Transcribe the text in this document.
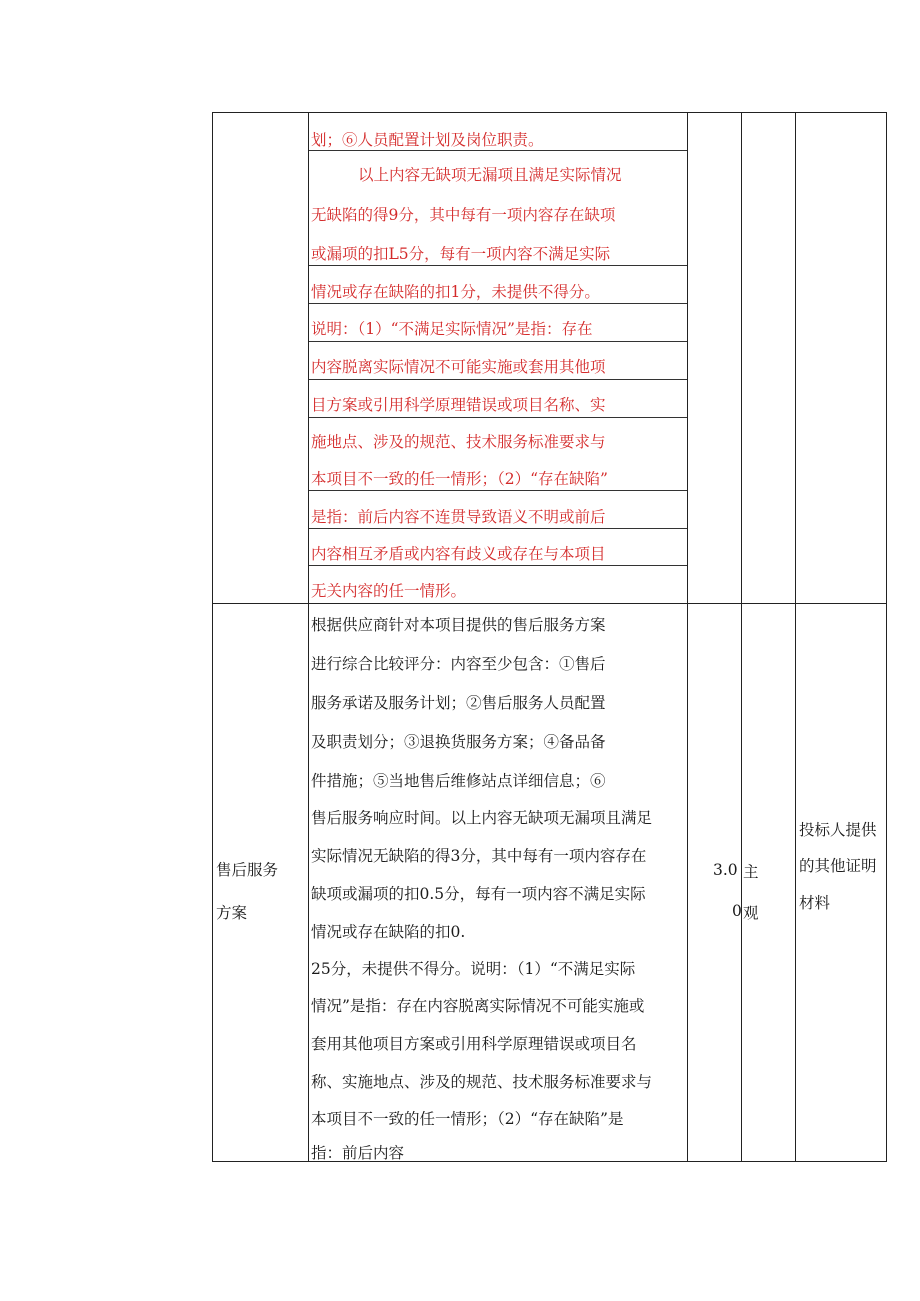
划；⑥人员配置计划及岗位职责。
以上内容无缺项无漏项且满足实际情况
无缺陷的得9分，其中每有一项内容存在缺项
或漏项的扣L5分，每有一项内容不满足实际
情况或存在缺陷的扣1分，未提供不得分。
说明：（1）“不满足实际情况”是指：存在
内容脱离实际情况不可能实施或套用其他项
目方案或引用科学原理错误或项目名称、实
施地点、涉及的规范、技术服务标准要求与
本项目不一致的任一情形；（2）“存在缺陷”
是指：前后内容不连贯导致语义不明或前后
内容相互矛盾或内容有歧义或存在与本项目
无关内容的任一情形。
售后服务
方案
根据供应商针对本项目提供的售后服务方案
进行综合比较评分：内容至少包含：①售后
服务承诺及服务计划；②售后服务人员配置
及职责划分；③退换货服务方案；④备品备
件措施；⑤当地售后维修站点详细信息；⑥
售后服务响应时间。以上内容无缺项无漏项且满足
实际情况无缺陷的得3分，其中每有一项内容存在
缺项或漏项的扣0.5分，每有一项内容不满足实际
情况或存在缺陷的扣0.
25分，未提供不得分。说明：（1）“不满足实际
情况”是指：存在内容脱离实际情况不可能实施或
套用其他项目方案或引用科学原理错误或项目名
称、实施地点、涉及的规范、技术服务标准要求与
本项目不一致的任一情形；（2）“存在缺陷”是
指：前后内容
3.0
0
主
观
投标人提供
的其他证明
材料
